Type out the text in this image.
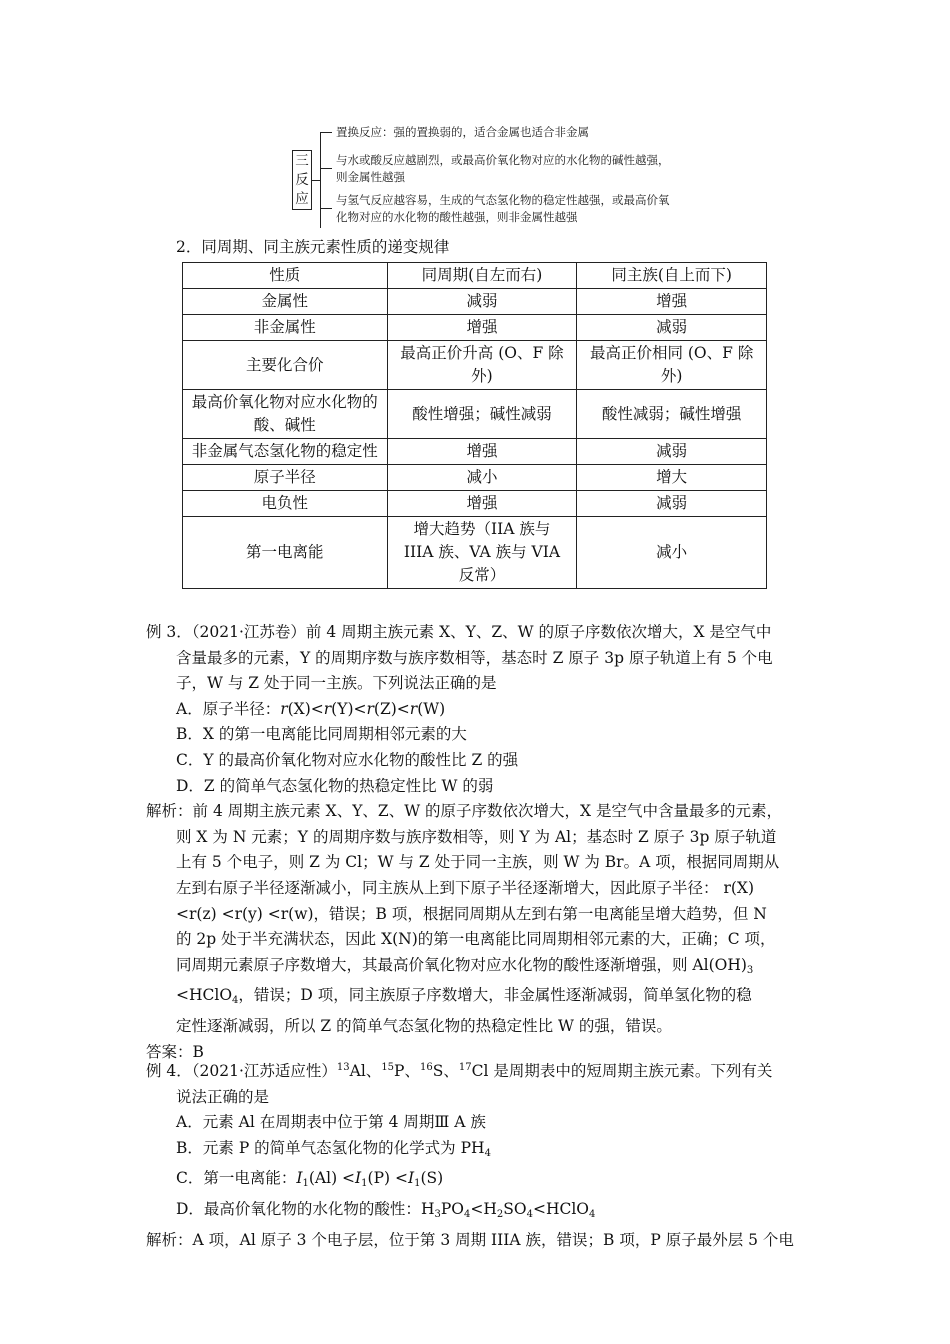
三
反
应
置换反应：强的置换弱的，适合金属也适合非金属
与水或酸反应越剧烈，或最高价氧化物对应的水化物的碱性越强，则金属性越强
与氢气反应越容易，生成的气态氢化物的稳定性越强，或最高价氧化物对应的水化物的酸性越强，则非金属性越强
2．同周期、同主族元素性质的递变规律
性质	同周期(自左而右)	同主族(自上而下)
金属性	减弱	增强
非金属性	增强	减弱
主要化合价	最高正价升高 (O、F 除外)	最高正价相同 (O、F 除外)
最高价氧化物对应水化物的酸、碱性	酸性增强；碱性减弱	酸性减弱；碱性增强
非金属气态氢化物的稳定性	增强	减弱
原子半径	减小	增大
电负性	增强	减弱
第一电离能	增大趋势（IIA 族与 IIIA 族、VA 族与 VIA 反常）	减小
例 3．（2021·江苏卷）前 4 周期主族元素 X、Y、Z、W 的原子序数依次增大，X 是空气中
含量最多的元素，Y 的周期序数与族序数相等，基态时 Z 原子 3p 原子轨道上有 5 个电
子，W 与 Z 处于同一主族。下列说法正确的是
A．原子半径：r(X)<r(Y)<r(Z)<r(W)
B．X 的第一电离能比同周期相邻元素的大
C．Y 的最高价氧化物对应水化物的酸性比 Z 的强
D．Z 的简单气态氢化物的热稳定性比 W 的弱
解析：前 4 周期主族元素 X、Y、Z、W 的原子序数依次增大，X 是空气中含量最多的元素，
则 X 为 N 元素；Y 的周期序数与族序数相等，则 Y 为 Al；基态时 Z 原子 3p 原子轨道
上有 5 个电子，则 Z 为 Cl；W 与 Z 处于同一主族，则 W 为 Br。A 项，根据同周期从
左到右原子半径逐渐减小，同主族从上到下原子半径逐渐增大，因此原子半径： r(X)
<r(z) <r(y) <r(w)，错误；B 项，根据同周期从左到右第一电离能呈增大趋势，但 N
的 2p 处于半充满状态，因此 X(N)的第一电离能比同周期相邻元素的大，正确；C 项，
同周期元素原子序数增大，其最高价氧化物对应水化物的酸性逐渐增强，则 $Al(OH)_3$
<HClO$_4$，错误；D 项，同主族原子序数增大，非金属性逐渐减弱，简单氢化物的稳
定性逐渐减弱，所以 Z 的简单气态氢化物的热稳定性比 W 的强，错误。
答案：B
例 4．（2021·江苏适应性）$^{13}$Al、$^{15}$P、$^{16}$S、$^{17}$Cl 是周期表中的短周期主族元素。下列有关
说法正确的是
A．元素 Al 在周期表中位于第 4 周期Ⅲ A 族
B．元素 P 的简单气态氢化物的化学式为 $PH_4$
C．第一电离能：$I_1(Al) <I_1(P) <I_1(S)$
D．最高价氧化物的水化物的酸性：$H_3PO_4<H_2SO_4<HClO_4$
解析：A 项，Al 原子 3 个电子层，位于第 3 周期 IIIA 族，错误；B 项，P 原子最外层 5 个电
